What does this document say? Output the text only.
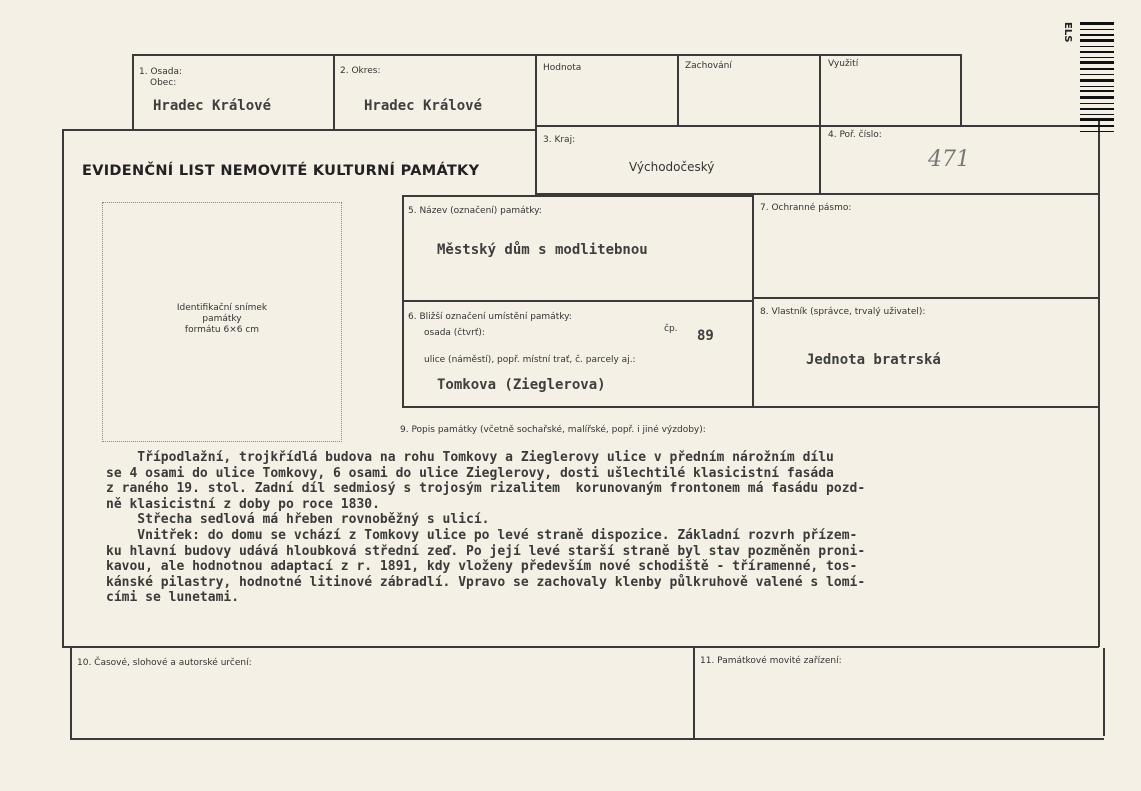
1. Osada:
Obec:
Hradec Králové
2. Okres:
Hradec Králové
Hodnota	Zachování	Využití
EVIDENČNÍ LIST NEMOVITÉ KULTURNÍ PAMÁTKY
3. Kraj:
Východočeský
4. Poř. číslo:
471
Identifikační snímek
památky
formátu 6×6 cm
5. Název (označení) památky:
Městský dům s modlitebnou
7. Ochranné pásmo:
6. Bližší označení umístění památky:
osada (čtvrť):	čp. 89
ulice (náměstí), popř. místní trať, č. parcely aj.:
Tomkova (Zieglerova)
8. Vlastník (správce, trvalý uživatel):
Jednota bratrská
9. Popis památky (včetně sochařské, malířské, popř. i jiné výzdoby):
Třípodlažní, trojkřídlá budova na rohu Tomkovy a Zieglerovy ulice v předním nárožním dílu
se 4 osami do ulice Tomkovy, 6 osami do ulice Zieglerovy, dosti ušlechtilé klasicistní fasáda
z raného 19. stol. Zadní díl sedmiosý s trojosým rizalitem  korunovaným frontonem má fasádu pozd-
ně klasicistní z doby po roce 1830.
Střecha sedlová má hřeben rovnoběžný s ulicí.
Vnitřek: do domu se vchází z Tomkovy ulice po levé straně dispozice. Základní rozvrh přízem-
ku hlavní budovy udává hloubková střední zeď. Po její levé starší straně byl stav pozměněn proni-
kavou, ale hodnotnou adaptací z r. 1891, kdy vloženy především nové schodiště - tříramenné, tos-
kánské pilastry, hodnotné litinové zábradlí. Vpravo se zachovaly klenby půlkruhově valené s lomí-
cími se lunetami.
10. Časové, slohové a autorské určení:	11. Památkové movité zařízení:
ELS
